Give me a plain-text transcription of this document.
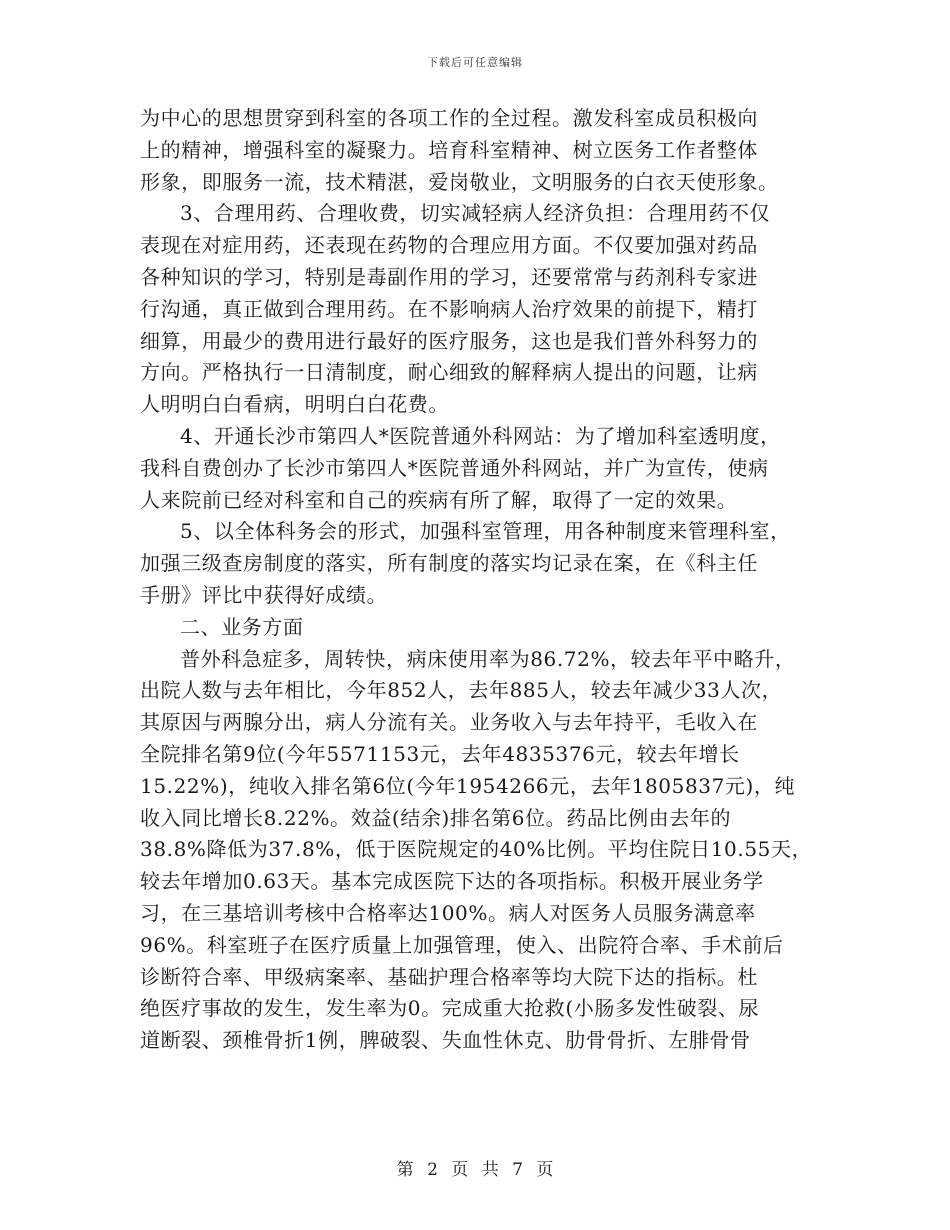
下载后可任意编辑
为中心的思想贯穿到科室的各项工作的全过程。激发科室成员积极向
上的精神，增强科室的凝聚力。培育科室精神、树立医务工作者整体
形象，即服务一流，技术精湛，爱岗敬业，文明服务的白衣天使形象。
3、合理用药、合理收费，切实减轻病人经济负担：合理用药不仅
表现在对症用药，还表现在药物的合理应用方面。不仅要加强对药品
各种知识的学习，特别是毒副作用的学习，还要常常与药剂科专家进
行沟通，真正做到合理用药。在不影响病人治疗效果的前提下，精打
细算，用最少的费用进行最好的医疗服务，这也是我们普外科努力的
方向。严格执行一日清制度，耐心细致的解释病人提出的问题，让病
人明明白白看病，明明白白花费。
4、开通长沙市第四人*医院普通外科网站：为了增加科室透明度，
我科自费创办了长沙市第四人*医院普通外科网站，并广为宣传，使病
人来院前已经对科室和自己的疾病有所了解，取得了一定的效果。
5、以全体科务会的形式，加强科室管理，用各种制度来管理科室，
加强三级查房制度的落实，所有制度的落实均记录在案，在《科主任
手册》评比中获得好成绩。
二、业务方面
普外科急症多，周转快，病床使用率为86.72%，较去年平中略升，
出院人数与去年相比，今年852人，去年885人，较去年减少33人次，
其原因与两腺分出，病人分流有关。业务收入与去年持平，毛收入在
全院排名第9位(今年5571153元，去年4835376元，较去年增长
15.22%)，纯收入排名第6位(今年1954266元，去年1805837元)，纯
收入同比增长8.22%。效益(结余)排名第6位。药品比例由去年的
38.8%降低为37.8%，低于医院规定的40%比例。平均住院日10.55天，
较去年增加0.63天。基本完成医院下达的各项指标。积极开展业务学
习，在三基培训考核中合格率达100%。病人对医务人员服务满意率
96%。科室班子在医疗质量上加强管理，使入、出院符合率、手术前后
诊断符合率、甲级病案率、基础护理合格率等均大院下达的指标。杜
绝医疗事故的发生，发生率为0。完成重大抢救(小肠多发性破裂、尿
道断裂、颈椎骨折1例，脾破裂、失血性休克、肋骨骨折、左腓骨骨
第 2 页 共 7 页
